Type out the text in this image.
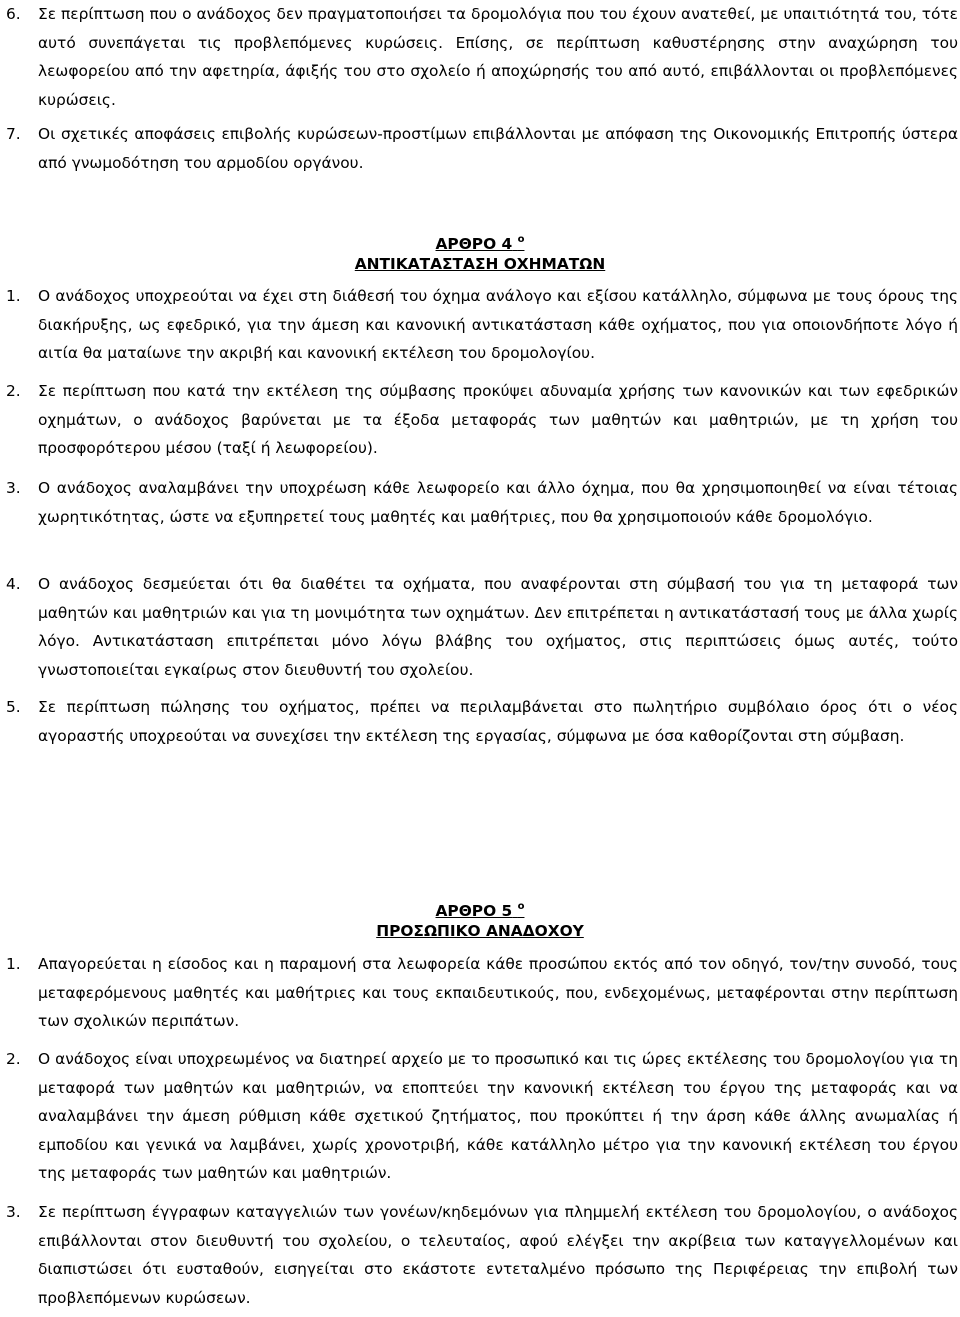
6. Σε περίπτωση που ο ανάδοχος δεν πραγματοποιήσει τα δρομολόγια που του έχουν ανατεθεί, με υπαιτιότητά του, τότε αυτό συνεπάγεται τις προβλεπόμενες κυρώσεις. Επίσης, σε περίπτωση καθυστέρησης στην αναχώρηση του λεωφορείου από την αφετηρία, άφιξής του στο σχολείο ή αποχώρησής του από αυτό, επιβάλλονται οι προβλεπόμενες κυρώσεις.
7. Οι σχετικές αποφάσεις επιβολής κυρώσεων-προστίμων επιβάλλονται με απόφαση της Οικονομικής Επιτροπής ύστερα από γνωμοδότηση του αρμοδίου οργάνου.
ΑΡΘΡΟ 4 $^o$
ΑΝΤΙΚΑΤΑΣΤΑΣΗ ΟΧΗΜΑΤΩΝ
1. Ο ανάδοχος υποχρεούται να έχει στη διάθεσή του όχημα ανάλογο και εξίσου κατάλληλο, σύμφωνα με τους όρους της διακήρυξης, ως εφεδρικό, για την άμεση και κανονική αντικατάσταση κάθε οχήματος, που για οποιονδήποτε λόγο ή αιτία θα ματαίωνε την ακριβή και κανονική εκτέλεση του δρομολογίου.
2. Σε περίπτωση που κατά την εκτέλεση της σύμβασης προκύψει αδυναμία χρήσης των κανονικών και των εφεδρικών οχημάτων, ο ανάδοχος βαρύνεται με τα έξοδα μεταφοράς των μαθητών και μαθητριών, με τη χρήση του προσφορότερου μέσου (ταξί ή λεωφορείου).
3. Ο ανάδοχος αναλαμβάνει την υποχρέωση κάθε λεωφορείο και άλλο όχημα, που θα χρησιμοποιηθεί να είναι τέτοιας χωρητικότητας, ώστε να εξυπηρετεί τους μαθητές και μαθήτριες, που θα χρησιμοποιούν κάθε δρομολόγιο.
4. Ο ανάδοχος δεσμεύεται ότι θα διαθέτει τα οχήματα, που αναφέρονται στη σύμβασή του για τη μεταφορά των μαθητών και μαθητριών και για τη μονιμότητα των οχημάτων. Δεν επιτρέπεται η αντικατάστασή τους με άλλα χωρίς λόγο. Αντικατάσταση επιτρέπεται μόνο λόγω βλάβης του οχήματος, στις περιπτώσεις όμως αυτές, τούτο γνωστοποιείται εγκαίρως στον διευθυντή του σχολείου.
5. Σε περίπτωση πώλησης του οχήματος, πρέπει να περιλαμβάνεται στο πωλητήριο συμβόλαιο όρος ότι ο νέος αγοραστής υποχρεούται να συνεχίσει την εκτέλεση της εργασίας, σύμφωνα με όσα καθορίζονται στη σύμβαση.
ΑΡΘΡΟ 5 $^o$
ΠΡΟΣΩΠΙΚΟ ΑΝΑΔΟΧΟΥ
1. Απαγορεύεται η είσοδος και η παραμονή στα λεωφορεία κάθε προσώπου εκτός από τον οδηγό, τον/την συνοδό, τους μεταφερόμενους μαθητές και μαθήτριες και τους εκπαιδευτικούς, που, ενδεχομένως, μεταφέρονται στην περίπτωση των σχολικών περιπάτων.
2. Ο ανάδοχος είναι υποχρεωμένος να διατηρεί αρχείο με το προσωπικό και τις ώρες εκτέλεσης του δρομολογίου για τη μεταφορά των μαθητών και μαθητριών, να εποπτεύει την κανονική εκτέλεση του έργου της μεταφοράς και να αναλαμβάνει την άμεση ρύθμιση κάθε σχετικού ζητήματος, που προκύπτει ή την άρση κάθε άλλης ανωμαλίας ή εμποδίου και γενικά να λαμβάνει, χωρίς χρονοτριβή, κάθε κατάλληλο μέτρο για την κανονική εκτέλεση του έργου της μεταφοράς των μαθητών και μαθητριών.
3. Σε περίπτωση έγγραφων καταγγελιών των γονέων/κηδεμόνων για πλημμελή εκτέλεση του δρομολογίου, ο ανάδοχος επιβάλλονται στον διευθυντή του σχολείου, ο τελευταίος, αφού ελέγξει την ακρίβεια των καταγγελλομένων και διαπιστώσει ότι ευσταθούν, εισηγείται στο εκάστοτε εντεταλμένο πρόσωπο της Περιφέρειας την επιβολή των προβλεπόμενων κυρώσεων.
